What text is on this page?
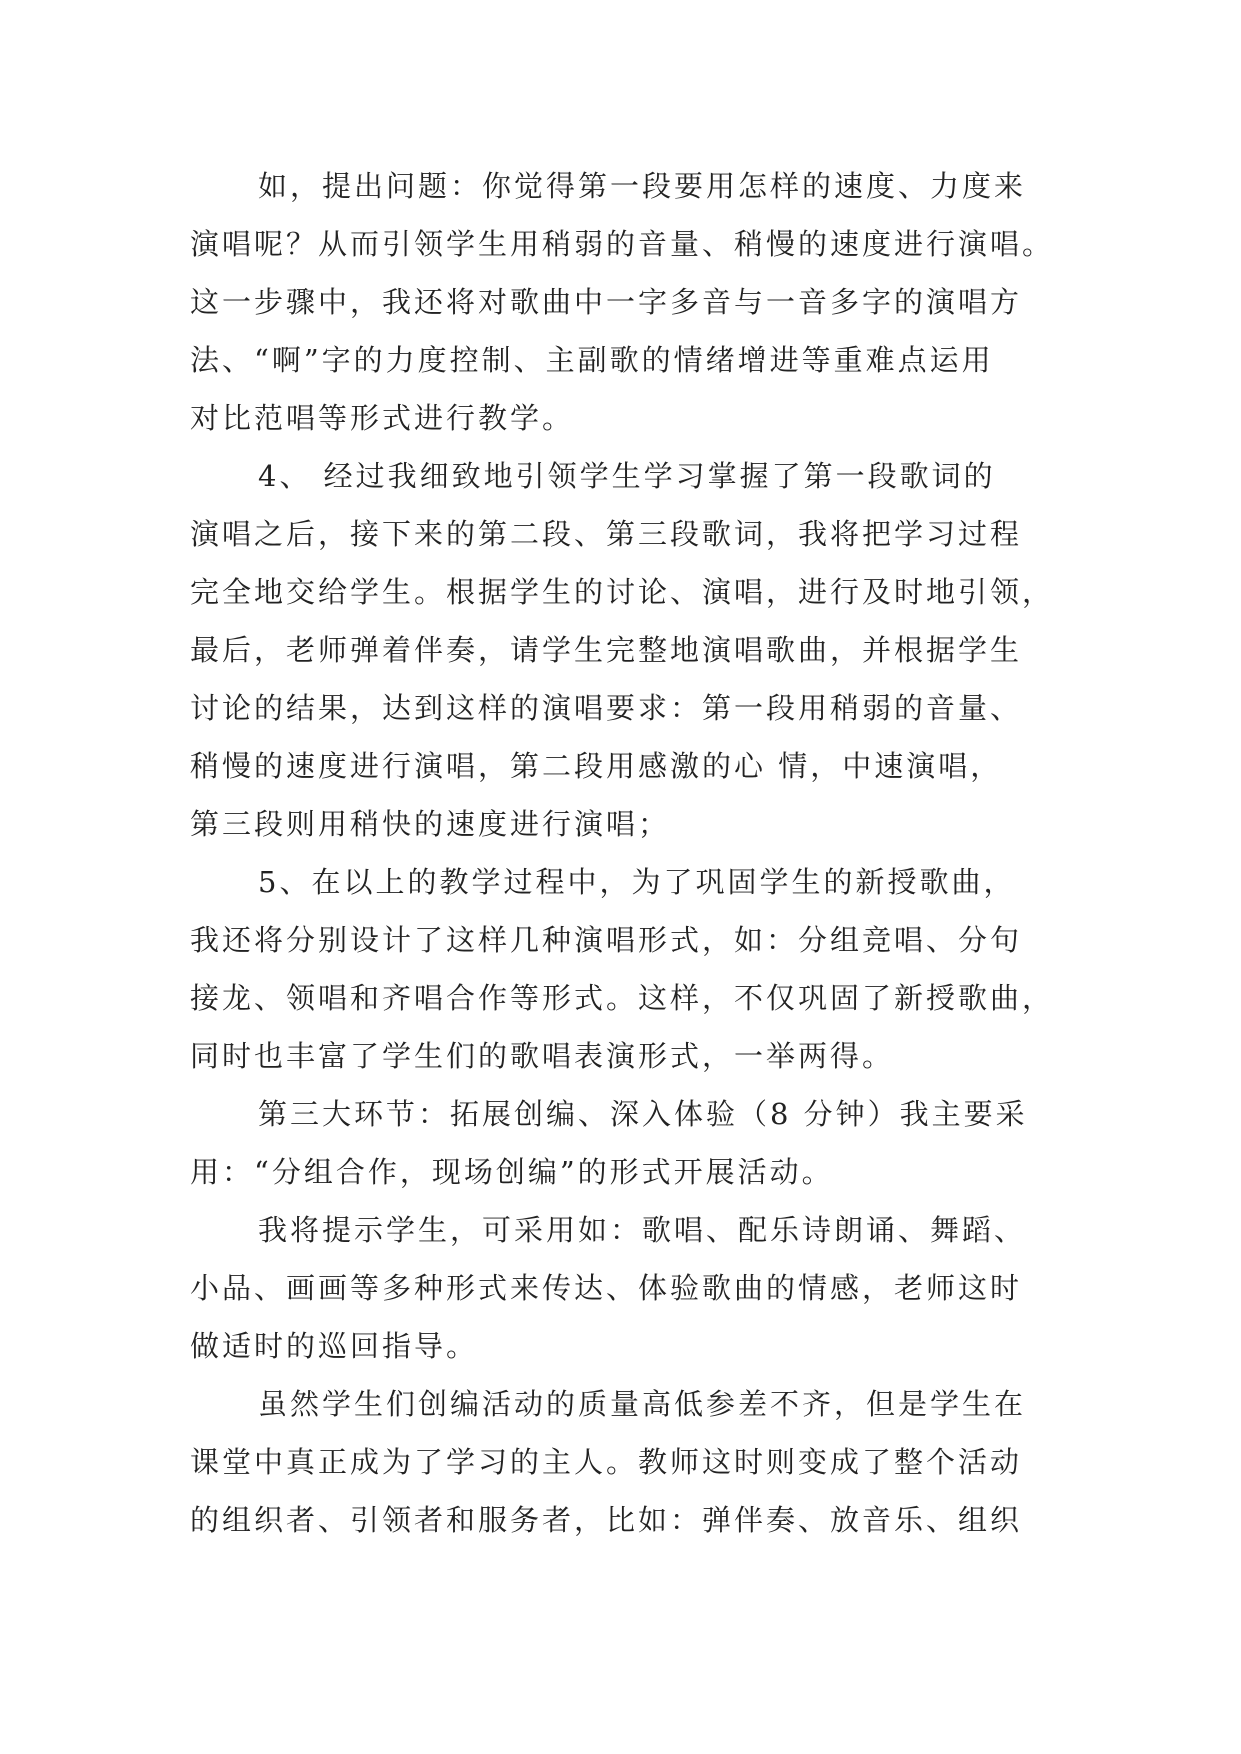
如，提出问题：你觉得第一段要用怎样的速度、力度来
演唱呢？从而引领学生用稍弱的音量、稍慢的速度进行演唱。
这一步骤中，我还将对歌曲中一字多音与一音多字的演唱方
法、“啊”字的力度控制、主副歌的情绪增进等重难点运用
对比范唱等形式进行教学。
4、 经过我细致地引领学生学习掌握了第一段歌词的
演唱之后，接下来的第二段、第三段歌词，我将把学习过程
完全地交给学生。根据学生的讨论、演唱，进行及时地引领，
最后，老师弹着伴奏，请学生完整地演唱歌曲，并根据学生
讨论的结果，达到这样的演唱要求：第一段用稍弱的音量、
稍慢的速度进行演唱，第二段用感激的心 情，中速演唱，
第三段则用稍快的速度进行演唱；
5、在以上的教学过程中，为了巩固学生的新授歌曲，
我还将分别设计了这样几种演唱形式，如：分组竞唱、分句
接龙、领唱和齐唱合作等形式。这样，不仅巩固了新授歌曲，
同时也丰富了学生们的歌唱表演形式，一举两得。
第三大环节：拓展创编、深入体验（8 分钟）我主要采
用：“分组合作，现场创编”的形式开展活动。
我将提示学生，可采用如：歌唱、配乐诗朗诵、舞蹈、
小品、画画等多种形式来传达、体验歌曲的情感，老师这时
做适时的巡回指导。
虽然学生们创编活动的质量高低参差不齐，但是学生在
课堂中真正成为了学习的主人。教师这时则变成了整个活动
的组织者、引领者和服务者，比如：弹伴奏、放音乐、组织
